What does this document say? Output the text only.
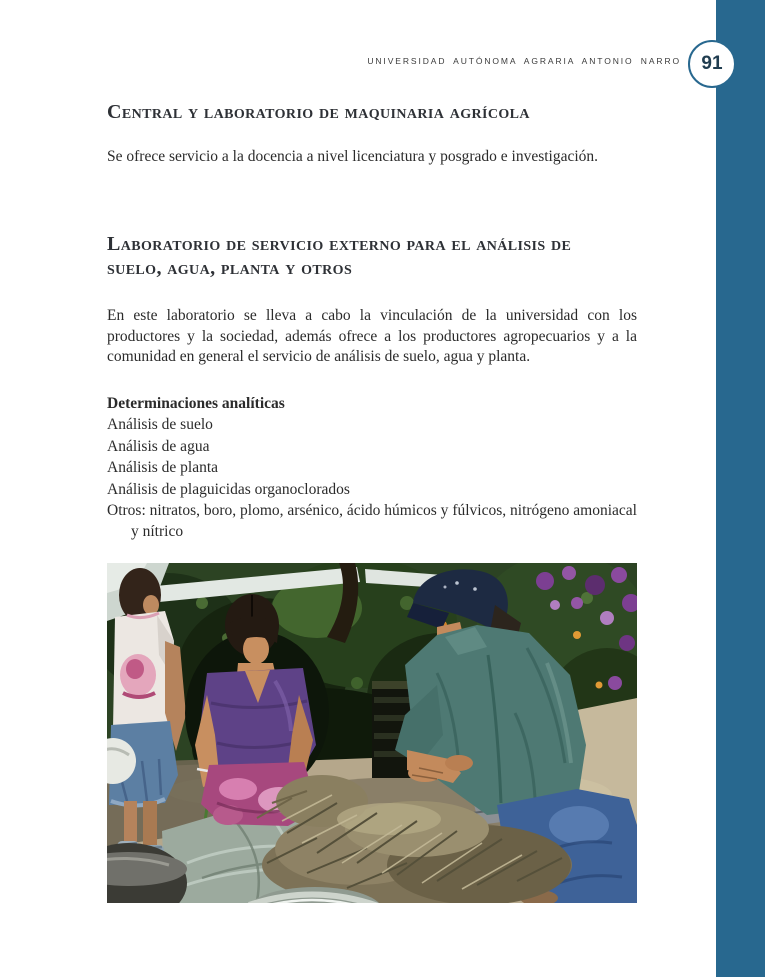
UNIVERSIDAD AUTÓNOMA AGRARIA ANTONIO NARRO 91
Central y laboratorio de maquinaria agrícola

Se ofrece servicio a la docencia a nivel licenciatura y posgrado e investigación.

Laboratorio de servicio externo para el análisis de suelo, agua, planta y otros

En este laboratorio se lleva a cabo la vinculación de la universidad con los productores y la sociedad, además ofrece a los productores agropecuarios y a la comunidad en general el servicio de análisis de suelo, agua y planta.

Determinaciones analíticas
Análisis de suelo
Análisis de agua
Análisis de planta
Análisis de plaguicidas organoclorados
Otros: nitratos, boro, plomo, arsénico, ácido húmicos y fúlvicos, nitrógeno amoniacal y nítrico
